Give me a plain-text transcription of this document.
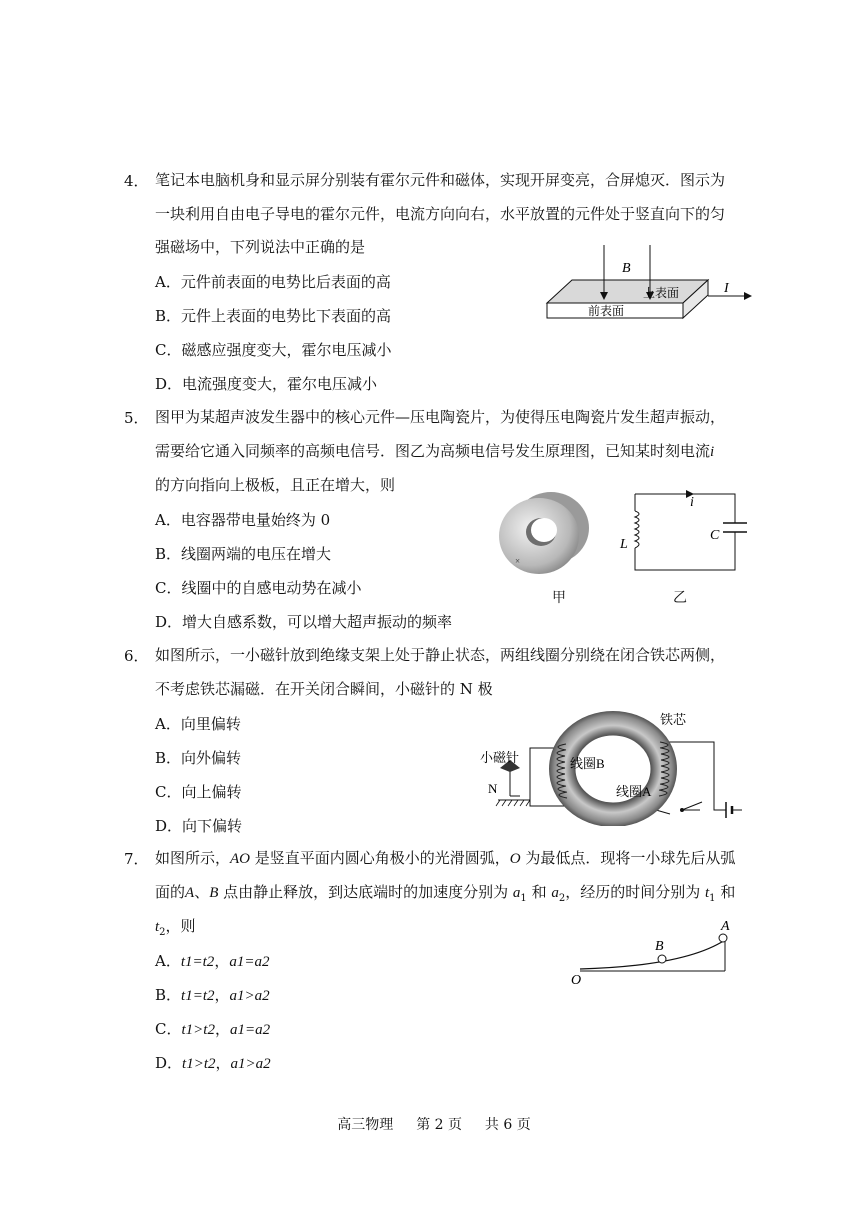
4． 笔记本电脑机身和显示屏分别装有霍尔元件和磁体，实现开屏变亮，合屏熄灭．图示为
一块利用自由电子导电的霍尔元件，电流方向向右，水平放置的元件处于竖直向下的匀
强磁场中，下列说法中正确的是
A．元件前表面的电势比后表面的高
B．元件上表面的电势比下表面的高
C．磁感应强度变大，霍尔电压减小
D．电流强度变大，霍尔电压减小
B
上表面
前表面
I
5． 图甲为某超声波发生器中的核心元件—压电陶瓷片，为使得压电陶瓷片发生超声振动，
需要给它通入同频率的高频电信号．图乙为高频电信号发生原理图，已知某时刻电流i
的方向指向上极板，且正在增大，则
A．电容器带电量始终为 0
B．线圈两端的电压在增大
C．线圈中的自感电动势在减小
D．增大自感系数，可以增大超声振动的频率
×
甲
i
L
C
乙
6． 如图所示，一小磁针放到绝缘支架上处于静止状态，两组线圈分别绕在闭合铁芯两侧，
不考虑铁芯漏磁．在开关闭合瞬间，小磁针的 N 极
A．向里偏转
B．向外偏转
C．向上偏转
D．向下偏转
小磁针
N
线圈B
线圈A
铁芯
7． 如图所示，AO 是竖直平面内圆心角极小的光滑圆弧，O 为最低点．现将一小球先后从弧
面的A、B 点由静止释放，到达底端时的加速度分别为 $a_1$ 和 $a_2$，经历的时间分别为 $t_1$ 和
$t_2$，则
A．t1=t2，a1=a2
B．t1=t2，a1>a2
C．t1>t2，a1=a2
D．t1>t2，a1>a2
B
A
O
高三物理 第 2 页 共 6 页
